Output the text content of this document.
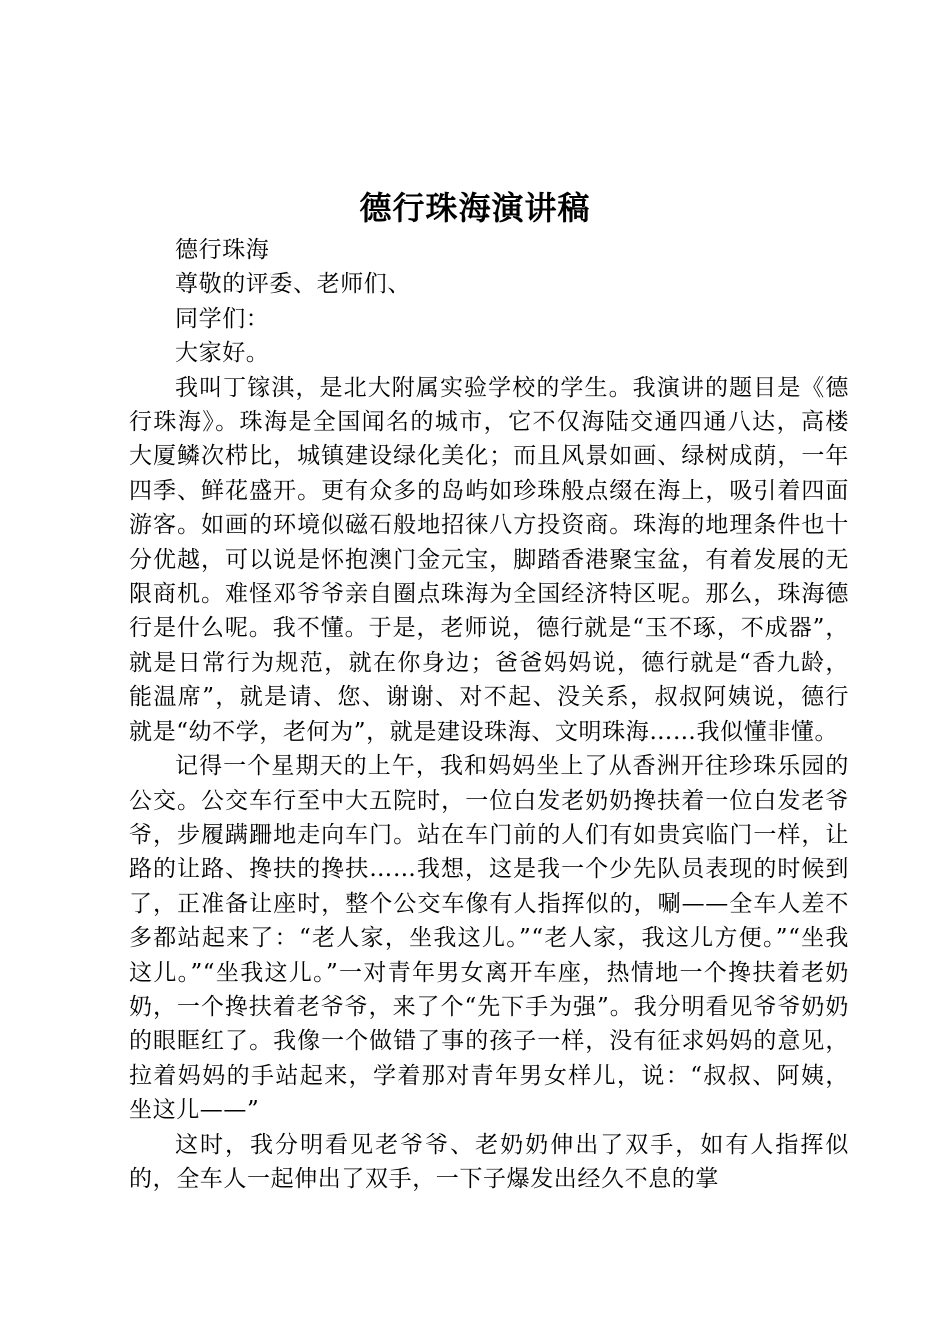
德行珠海演讲稿

德行珠海

尊敬的评委、老师们、

同学们：

大家好。

我叫丁镓淇，是北大附属实验学校的学生。我演讲的题目是《德行珠海》。珠海是全国闻名的城市，它不仅海陆交通四通八达，高楼大厦鳞次栉比，城镇建设绿化美化；而且风景如画、绿树成荫，一年四季、鲜花盛开。更有众多的岛屿如珍珠般点缀在海上，吸引着四面游客。如画的环境似磁石般地招徕八方投资商。珠海的地理条件也十分优越，可以说是怀抱澳门金元宝，脚踏香港聚宝盆，有着发展的无限商机。难怪邓爷爷亲自圈点珠海为全国经济特区呢。那么，珠海德行是什么呢。我不懂。于是，老师说，德行就是“玉不琢，不成器”，就是日常行为规范，就在你身边；爸爸妈妈说，德行就是“香九龄，能温席”，就是请、您、谢谢、对不起、没关系，叔叔阿姨说，德行就是“幼不学，老何为”，就是建设珠海、文明珠海……我似懂非懂。

记得一个星期天的上午，我和妈妈坐上了从香洲开往珍珠乐园的公交。公交车行至中大五院时，一位白发老奶奶搀扶着一位白发老爷爷，步履蹒跚地走向车门。站在车门前的人们有如贵宾临门一样，让路的让路、搀扶的搀扶……我想，这是我一个少先队员表现的时候到了，正准备让座时，整个公交车像有人指挥似的，唰——全车人差不多都站起来了：“老人家，坐我这儿。”“老人家，我这儿方便。”“坐我这儿。”“坐我这儿。”一对青年男女离开车座，热情地一个搀扶着老奶奶，一个搀扶着老爷爷，来了个“先下手为强”。我分明看见爷爷奶奶的眼眶红了。我像一个做错了事的孩子一样，没有征求妈妈的意见，拉着妈妈的手站起来，学着那对青年男女样儿，说：“叔叔、阿姨，坐这儿——”

这时，我分明看见老爷爷、老奶奶伸出了双手，如有人指挥似的，全车人一起伸出了双手，一下子爆发出经久不息的掌
